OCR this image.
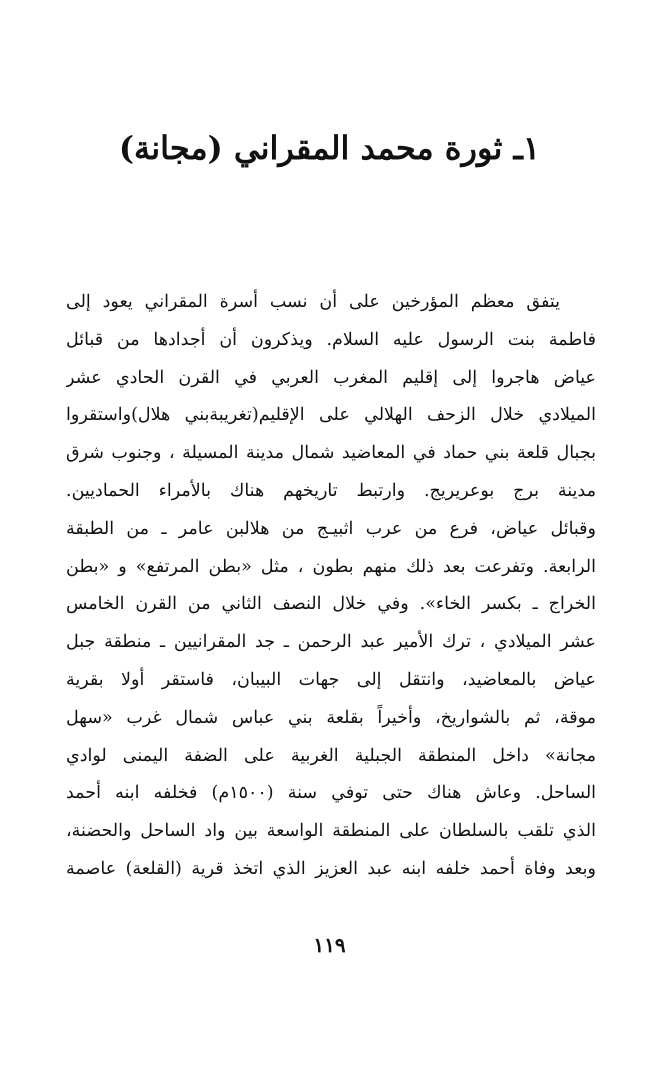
١ـ ثورة محمد المقراني (مجانة)
يتفق معظم المؤرخين على أن نسب أسرة المقراني يعود إلى
فاطمة بنت الرسول عليه السلام. ويذكرون أن أجدادها من قبائل
عياض هاجروا إلى إقليم المغرب العربي في القرن الحادي عشر
الميلادي خلال الزحف الهلالي على الإقليم(تغريبةبني هلال)واستقروا
بجبال قلعة بني حماد في المعاضيد شمال مدينة المسيلة ، وجنوب شرق
مدينة برج بوعريريج. وارتبط تاريخهم هناك بالأمراء الحماديين.
وقبائل عياض، فرع من عرب اثبيـج من هلالبن عامر ـ من الطبقة
الرابعة. وتفرعت بعد ذلك منهم بطون ، مثل «بطن المرتفع» و «بطن
الخراج ـ بكسر الخاء». وفي خلال النصف الثاني من القرن الخامس
عشر الميلادي ، ترك الأمير عبد الرحمن ـ جد المقرانيين ـ منطقة جبل
عياض بالمعاضيد، وانتقل إلى جهات البيبان، فاستقر أولا بقرية
موقة، ثم بالشواريخ، وأخيراً بقلعة بني عباس شمال غرب «سهل
مجانة» داخل المنطقة الجبلية الغربية على الضفة اليمنى لوادي
الساحل. وعاش هناك حتى توفي سنة (١٥٠٠م) فخلفه ابنه أحمد
الذي تلقب بالسلطان على المنطقة الواسعة بين واد الساحل والحضنة،
وبعد وفاة أحمد خلفه ابنه عبد العزيز الذي اتخذ قرية (القلعة) عاصمة
١١٩
